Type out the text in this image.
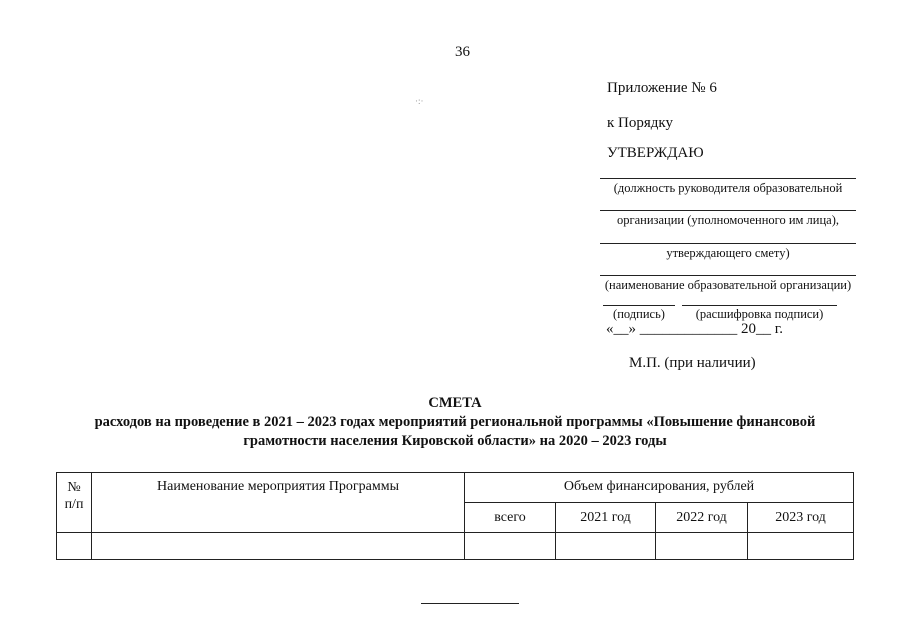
36
·:·
Приложение № 6
к Порядку
УТВЕРЖДАЮ
(должность руководителя образовательной
организации (уполномоченного им лица),
утверждающего смету)
(наименование образовательной организации)
(подпись)	(расшифровка подписи)
«__» _____________ 20__ г.
М.П. (при наличии)
СМЕТА
расходов на проведение в 2021 – 2023 годах мероприятий региональной программы «Повышение финансовой
грамотности населения Кировской области» на 2020 – 2023 годы
№
п/п	Наименование мероприятия Программы	Объем финансирования, рублей			
		всего	2021 год	2022 год	2023 год
